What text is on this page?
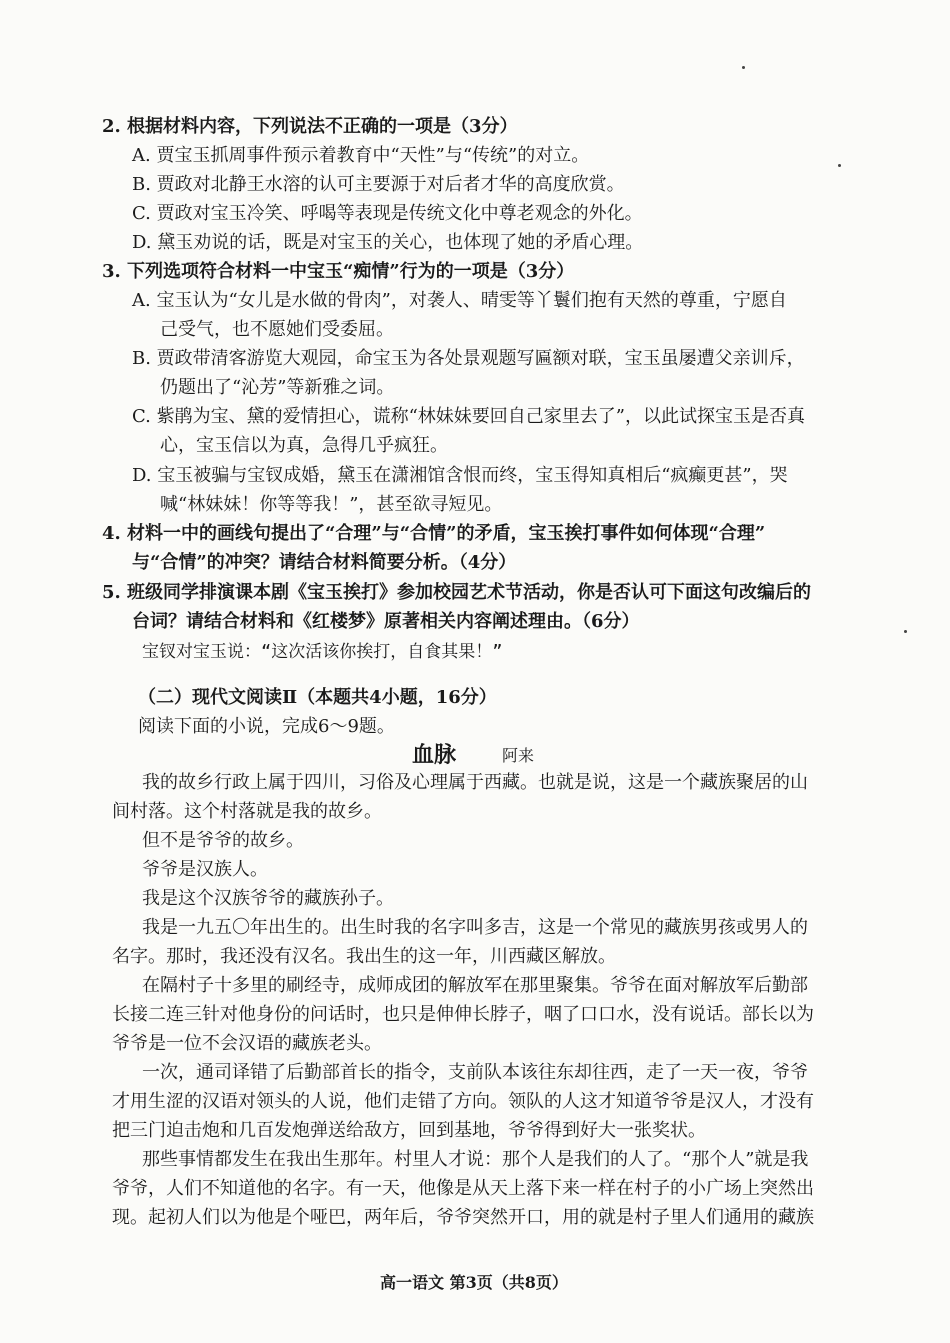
2. 根据材料内容，下列说法不正确的一项是（3分）
A. 贾宝玉抓周事件预示着教育中“天性”与“传统”的对立。
B. 贾政对北静王水溶的认可主要源于对后者才华的高度欣赏。
C. 贾政对宝玉冷笑、呼喝等表现是传统文化中尊老观念的外化。
D. 黛玉劝说的话，既是对宝玉的关心，也体现了她的矛盾心理。
3. 下列选项符合材料一中宝玉“痴情”行为的一项是（3分）
A. 宝玉认为“女儿是水做的骨肉”，对袭人、晴雯等丫鬟们抱有天然的尊重，宁愿自
己受气，也不愿她们受委屈。
B. 贾政带清客游览大观园，命宝玉为各处景观题写匾额对联，宝玉虽屡遭父亲训斥，
仍题出了“沁芳”等新雅之词。
C. 紫鹃为宝、黛的爱情担心，谎称“林妹妹要回自己家里去了”，以此试探宝玉是否真
心，宝玉信以为真，急得几乎疯狂。
D. 宝玉被骗与宝钗成婚，黛玉在潇湘馆含恨而终，宝玉得知真相后“疯癫更甚”，哭
喊“林妹妹！你等等我！”，甚至欲寻短见。
4. 材料一中的画线句提出了“合理”与“合情”的矛盾，宝玉挨打事件如何体现“合理”
与“合情”的冲突？请结合材料简要分析。（4分）
5. 班级同学排演课本剧《宝玉挨打》参加校园艺术节活动，你是否认可下面这句改编后的
台词？请结合材料和《红楼梦》原著相关内容阐述理由。（6分）
宝钗对宝玉说：“这次活该你挨打，自食其果！”
（二）现代文阅读Ⅱ（本题共4小题，16分）
阅读下面的小说，完成6～9题。
血脉	阿来
我的故乡行政上属于四川，习俗及心理属于西藏。也就是说，这是一个藏族聚居的山
间村落。这个村落就是我的故乡。
但不是爷爷的故乡。
爷爷是汉族人。
我是这个汉族爷爷的藏族孙子。
我是一九五〇年出生的。出生时我的名字叫多吉，这是一个常见的藏族男孩或男人的
名字。那时，我还没有汉名。我出生的这一年，川西藏区解放。
在隔村子十多里的刷经寺，成师成团的解放军在那里聚集。爷爷在面对解放军后勤部
长接二连三针对他身份的问话时，也只是伸伸长脖子，咽了口口水，没有说话。部长以为
爷爷是一位不会汉语的藏族老头。
一次，通司译错了后勤部首长的指令，支前队本该往东却往西，走了一天一夜，爷爷
才用生涩的汉语对领头的人说，他们走错了方向。领队的人这才知道爷爷是汉人，才没有
把三门迫击炮和几百发炮弹送给敌方，回到基地，爷爷得到好大一张奖状。
那些事情都发生在我出生那年。村里人才说：那个人是我们的人了。“那个人”就是我
爷爷，人们不知道他的名字。有一天，他像是从天上落下来一样在村子的小广场上突然出
现。起初人们以为他是个哑巴，两年后，爷爷突然开口，用的就是村子里人们通用的藏族
高一语文 第3页（共8页）
